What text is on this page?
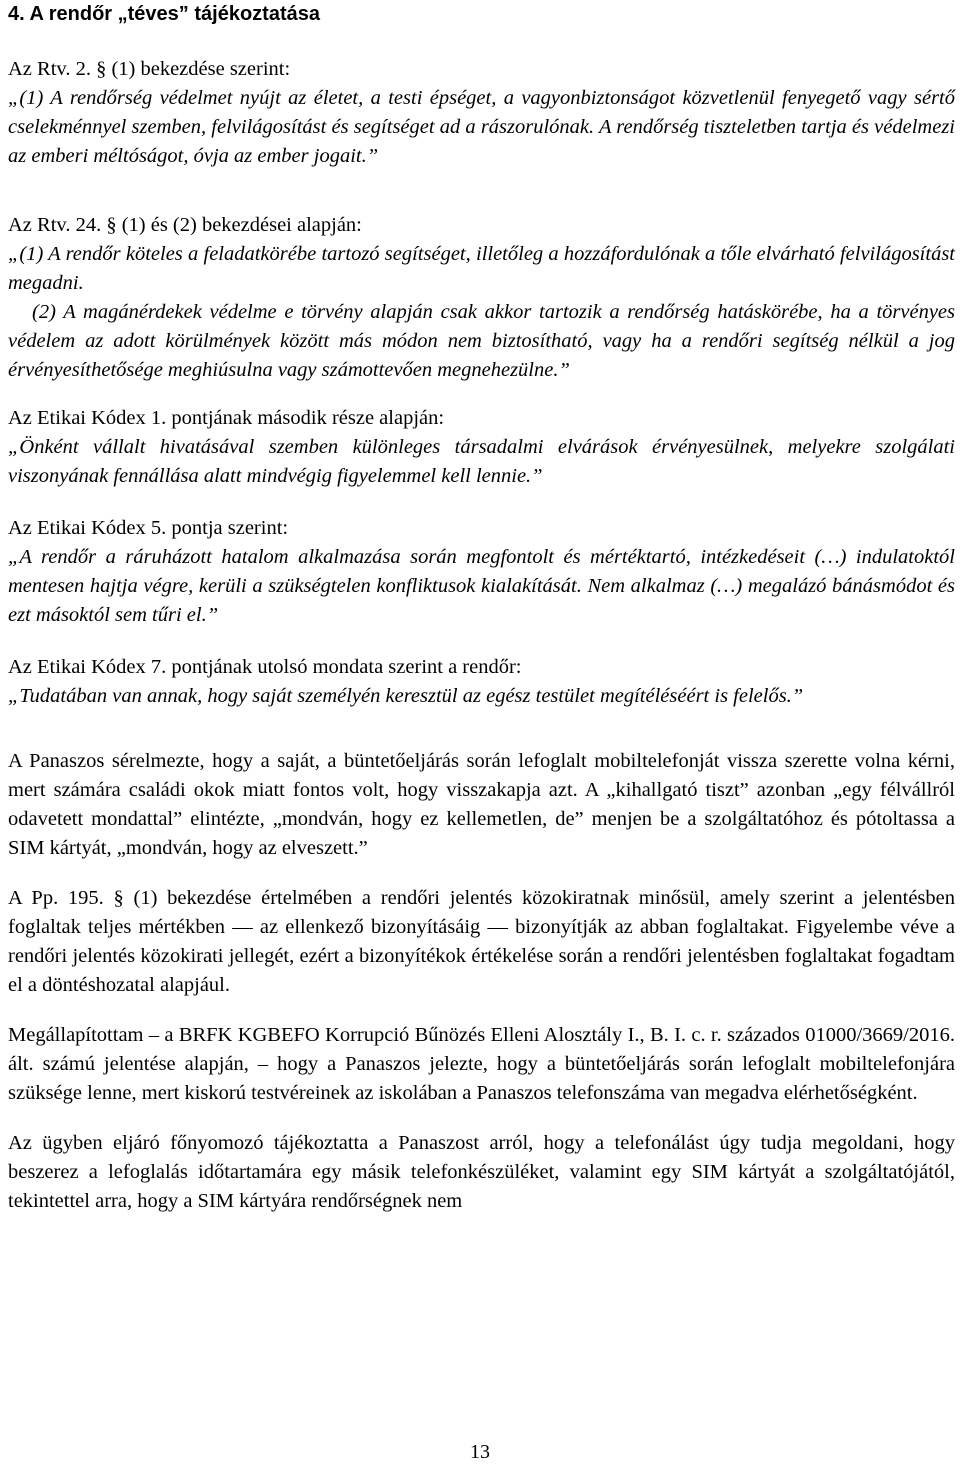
4. A rendőr „téves” tájékoztatása

Az Rtv. 2. § (1) bekezdése szerint:

„(1) A rendőrség védelmet nyújt az életet, a testi épséget, a vagyonbiztonságot közvetlenül fenyegető vagy sértő cselekménnyel szemben, felvilágosítást és segítséget ad a rászorulónak. A rendőrség tiszteletben tartja és védelmezi az emberi méltóságot, óvja az ember jogait.”

Az Rtv. 24. § (1) és (2) bekezdései alapján:

„(1) A rendőr köteles a feladatkörébe tartozó segítséget, illetőleg a hozzáfordulónak a tőle elvárható felvilágosítást megadni.

(2) A magánérdekek védelme e törvény alapján csak akkor tartozik a rendőrség hatáskörébe, ha a törvényes védelem az adott körülmények között más módon nem biztosítható, vagy ha a rendőri segítség nélkül a jog érvényesíthetősége meghiúsulna vagy számottevően megnehezülne.”

Az Etikai Kódex 1. pontjának második része alapján:

„Önként vállalt hivatásával szemben különleges társadalmi elvárások érvényesülnek, melyekre szolgálati viszonyának fennállása alatt mindvégig figyelemmel kell lennie.”

Az Etikai Kódex 5. pontja szerint:

„A rendőr a ráruházott hatalom alkalmazása során megfontolt és mértéktartó, intézkedéseit (…) indulatoktól mentesen hajtja végre, kerüli a szükségtelen konfliktusok kialakítását. Nem alkalmaz (…) megalázó bánásmódot és ezt másoktól sem tűri el.”

Az Etikai Kódex 7. pontjának utolsó mondata szerint a rendőr:

„Tudatában van annak, hogy saját személyén keresztül az egész testület megítéléséért is felelős.”

A Panaszos sérelmezte, hogy a saját, a büntetőeljárás során lefoglalt mobiltelefonját vissza szerette volna kérni, mert számára családi okok miatt fontos volt, hogy visszakapja azt. A „kihallgató tiszt” azonban „egy félvállról odavetett mondattal” elintézte, „mondván, hogy ez kellemetlen, de” menjen be a szolgáltatóhoz és pótoltassa a SIM kártyát, „mondván, hogy az elveszett.”

A Pp. 195. § (1) bekezdése értelmében a rendőri jelentés közokiratnak minősül, amely szerint a jelentésben foglaltak teljes mértékben ― az ellenkező bizonyításáig ― bizonyítják az abban foglaltakat. Figyelembe véve a rendőri jelentés közokirati jellegét, ezért a bizonyítékok értékelése során a rendőri jelentésben foglaltakat fogadtam el a döntéshozatal alapjául.

Megállapítottam – a BRFK KGBEFO Korrupció Bűnözés Elleni Alosztály I., B. I. c. r. százados 01000/3669/2016. ált. számú jelentése alapján, – hogy a Panaszos jelezte, hogy a büntetőeljárás során lefoglalt mobiltelefonjára szüksége lenne, mert kiskorú testvéreinek az iskolában a Panaszos telefonszáma van megadva elérhetőségként.

Az ügyben eljáró főnyomozó tájékoztatta a Panaszost arról, hogy a telefonálást úgy tudja megoldani, hogy beszerez a lefoglalás időtartamára egy másik telefonkészüléket, valamint egy SIM kártyát a szolgáltatójától, tekintettel arra, hogy a SIM kártyára rendőrségnek nem

13
